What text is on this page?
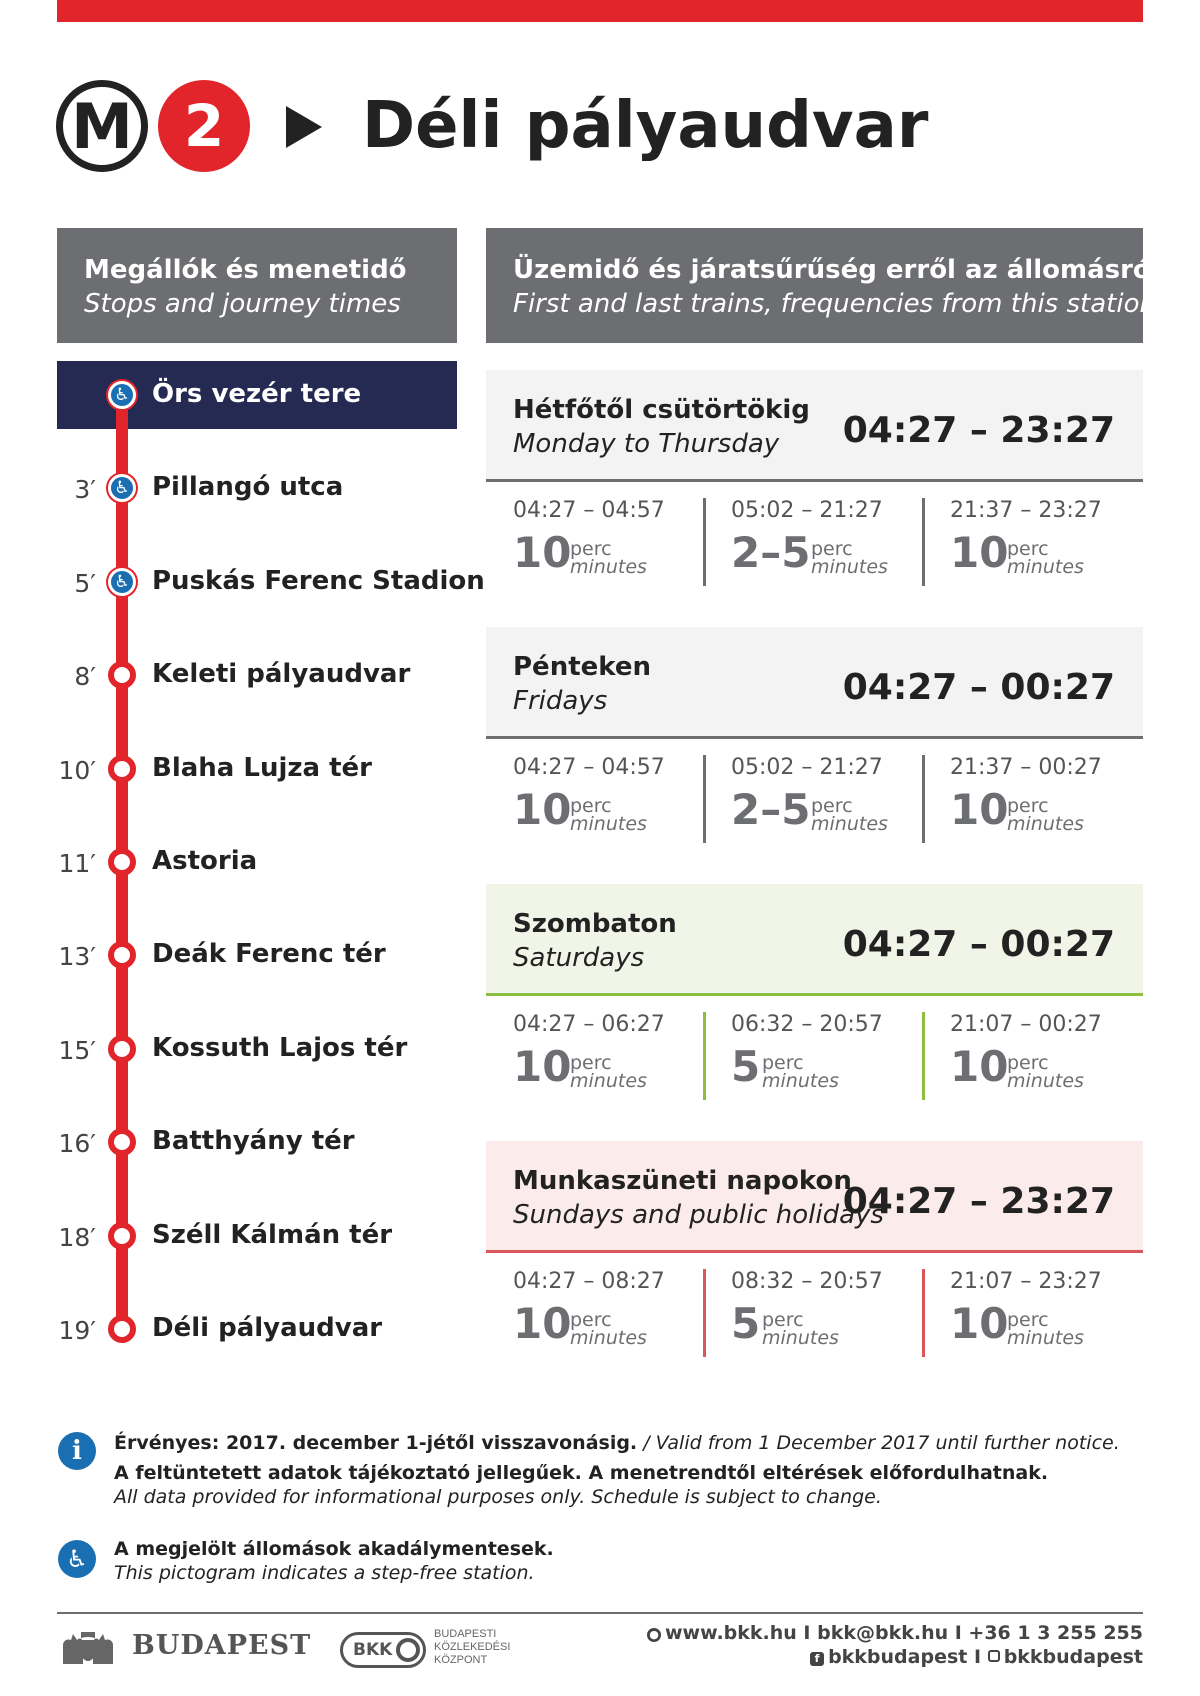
M 2	Déli pályaudvar
Megállók és menetidő
Stops and journey times
Üzemidő és járatsűrűség erről az állomásról
First and last trains, frequencies from this station
♿ Örs vezér tere
3′	♿ Pillangó utca
5′	♿ Puskás Ferenc Stadion
8′ Keleti pályaudvar
10′ Blaha Lujza tér
11′ Astoria
13′ Deák Ferenc tér
15′ Kossuth Lajos tér
16′ Batthyány tér
18′ Széll Kálmán tér
19′ Déli pályaudvar
Hétfőtől csütörtökig
Monday to Thursday 04:27 – 23:27
04:27 – 04:57
10
perc
minutes
05:02 – 21:27
2–5 perc
minutes
21:37 – 23:27
10
perc
minutes
Pénteken
Fridays	04:27 – 00:27
04:27 – 04:57
10
perc
minutes
05:02 – 21:27
2–5 perc
minutes
21:37 – 00:27
10
perc
minutes
Szombaton
Saturdays	04:27 – 00:27
04:27 – 06:27
10
perc
minutes
06:32 – 20:57
5 perc
minutes
21:07 – 00:27
10
perc
minutes
Munkaszüneti napokon
Sundays and public holidays
04:27 – 23:27
04:27 – 08:27
10
perc
minutes
08:32 – 20:57
5 perc
minutes
21:07 – 23:27
10
perc
minutes
i	Érvényes: 2017. december 1-jétől visszavonásig. / Valid from 1 December 2017 until further notice.
A feltüntetett adatok tájékoztató jellegűek. A menetrendtől eltérések előfordulhatnak.
All data provided for informational purposes only. Schedule is subject to change.
♿	A megjelölt állomások akadálymentesek.
This pictogram indicates a step-free station.
BUDAPEST BKK
BUDAPESTI
KÖZLEKEDÉSI
KÖZPONT
● www.bkk.hu I bkk@bkk.hu I +36 1 3 255 255
f bkkbudapest I bkkbudapest
